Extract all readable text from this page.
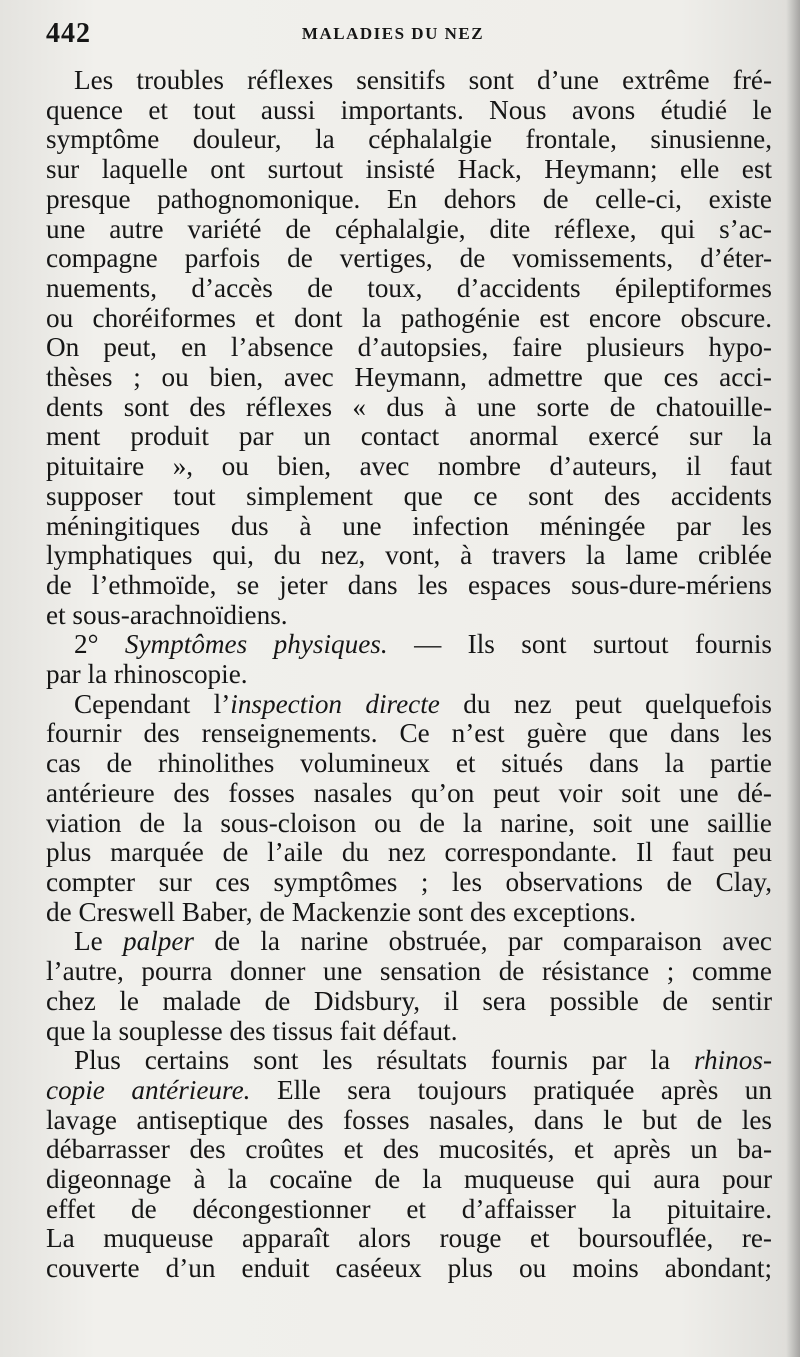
442	MALADIES DU NEZ
Les troubles réflexes sensitifs sont d’une extrême fré-
quence et tout aussi importants. Nous avons étudié le
symptôme douleur, la céphalalgie frontale, sinusienne,
sur laquelle ont surtout insisté Hack, Heymann; elle est
presque pathognomonique. En dehors de celle-ci, existe
une autre variété de céphalalgie, dite réflexe, qui s’ac-
compagne parfois de vertiges, de vomissements, d’éter-
nuements, d’accès de toux, d’accidents épileptiformes
ou choréiformes et dont la pathogénie est encore obscure.
On peut, en l’absence d’autopsies, faire plusieurs hypo-
thèses ; ou bien, avec Heymann, admettre que ces acci-
dents sont des réflexes « dus à une sorte de chatouille-
ment produit par un contact anormal exercé sur la
pituitaire », ou bien, avec nombre d’auteurs, il faut
supposer tout simplement que ce sont des accidents
méningitiques dus à une infection méningée par les
lymphatiques qui, du nez, vont, à travers la lame criblée
de l’ethmoïde, se jeter dans les espaces sous-dure-mériens
et sous-arachnoïdiens.
2° Symptômes physiques. — Ils sont surtout fournis
par la rhinoscopie.
Cependant l’inspection directe du nez peut quelquefois
fournir des renseignements. Ce n’est guère que dans les
cas de rhinolithes volumineux et situés dans la partie
antérieure des fosses nasales qu’on peut voir soit une dé-
viation de la sous-cloison ou de la narine, soit une saillie
plus marquée de l’aile du nez correspondante. Il faut peu
compter sur ces symptômes ; les observations de Clay,
de Creswell Baber, de Mackenzie sont des exceptions.
Le palper de la narine obstruée, par comparaison avec
l’autre, pourra donner une sensation de résistance ; comme
chez le malade de Didsbury, il sera possible de sentir
que la souplesse des tissus fait défaut.
Plus certains sont les résultats fournis par la rhinos-
copie antérieure. Elle sera toujours pratiquée après un
lavage antiseptique des fosses nasales, dans le but de les
débarrasser des croûtes et des mucosités, et après un ba-
digeonnage à la cocaïne de la muqueuse qui aura pour
effet de décongestionner et d’affaisser la pituitaire.
La muqueuse apparaît alors rouge et boursouflée, re-
couverte d’un enduit caséeux plus ou moins abondant;
